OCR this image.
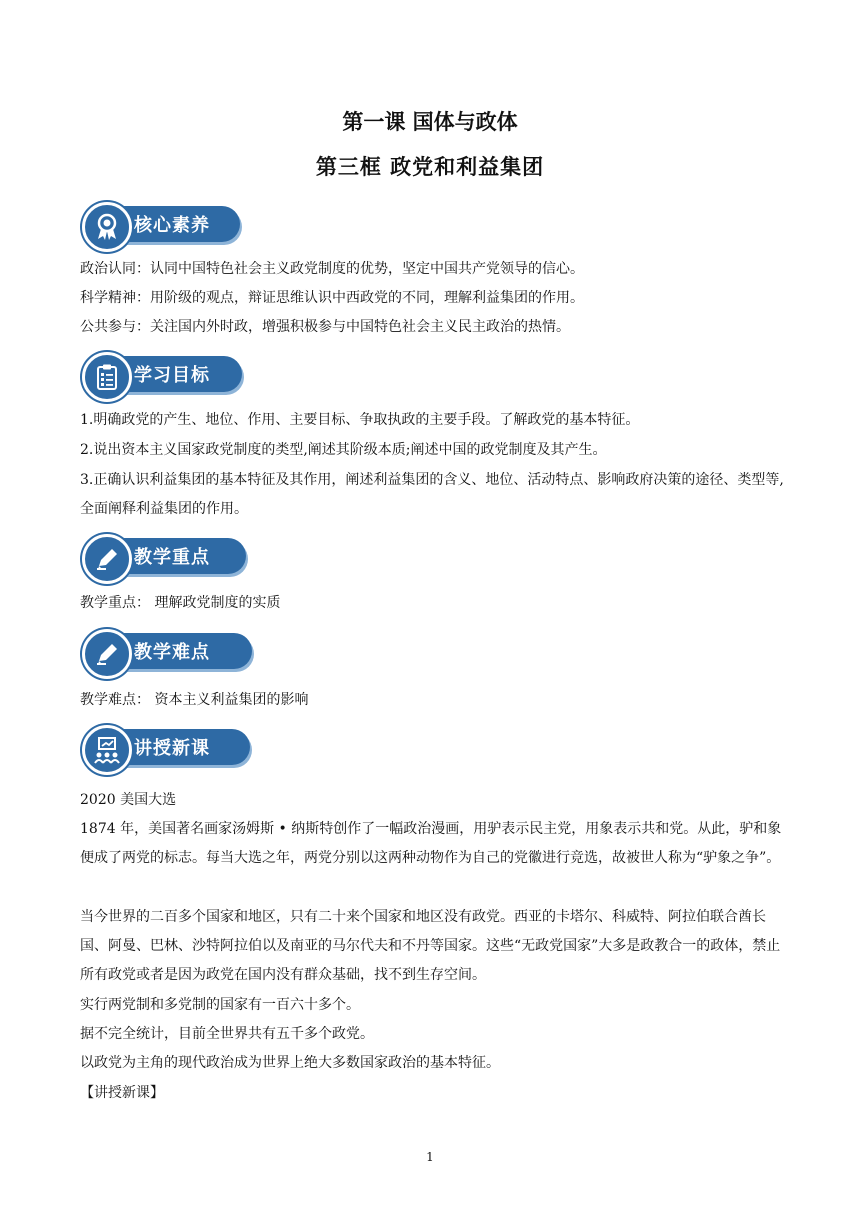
第一课 国体与政体
第三框 政党和利益集团
核心素养
政治认同：认同中国特色社会主义政党制度的优势，坚定中国共产党领导的信心。
科学精神：用阶级的观点，辩证思维认识中西政党的不同，理解利益集团的作用。
公共参与：关注国内外时政，增强积极参与中国特色社会主义民主政治的热情。
学习目标
1.明确政党的产生、地位、作用、主要目标、争取执政的主要手段。了解政党的基本特征。
2.说出资本主义国家政党制度的类型,阐述其阶级本质;阐述中国的政党制度及其产生。
3.正确认识利益集团的基本特征及其作用，阐述利益集团的含义、地位、活动特点、影响政府决策的途径、类型等,全面阐释利益集团的作用。
教学重点
教学重点： 理解政党制度的实质
教学难点
教学难点： 资本主义利益集团的影响
讲授新课
2020 美国大选
1874 年，美国著名画家汤姆斯 • 纳斯特创作了一幅政治漫画，用驴表示民主党，用象表示共和党。从此，驴和象便成了两党的标志。每当大选之年，两党分别以这两种动物作为自己的党徽进行竞选，故被世人称为“驴象之争”。
当今世界的二百多个国家和地区，只有二十来个国家和地区没有政党。西亚的卡塔尔、科威特、阿拉伯联合酋长国、阿曼、巴林、沙特阿拉伯以及南亚的马尔代夫和不丹等国家。这些“无政党国家”大多是政教合一的政体，禁止所有政党或者是因为政党在国内没有群众基础，找不到生存空间。
实行两党制和多党制的国家有一百六十多个。
据不完全统计，目前全世界共有五千多个政党。
以政党为主角的现代政治成为世界上绝大多数国家政治的基本特征。
【讲授新课】
1
